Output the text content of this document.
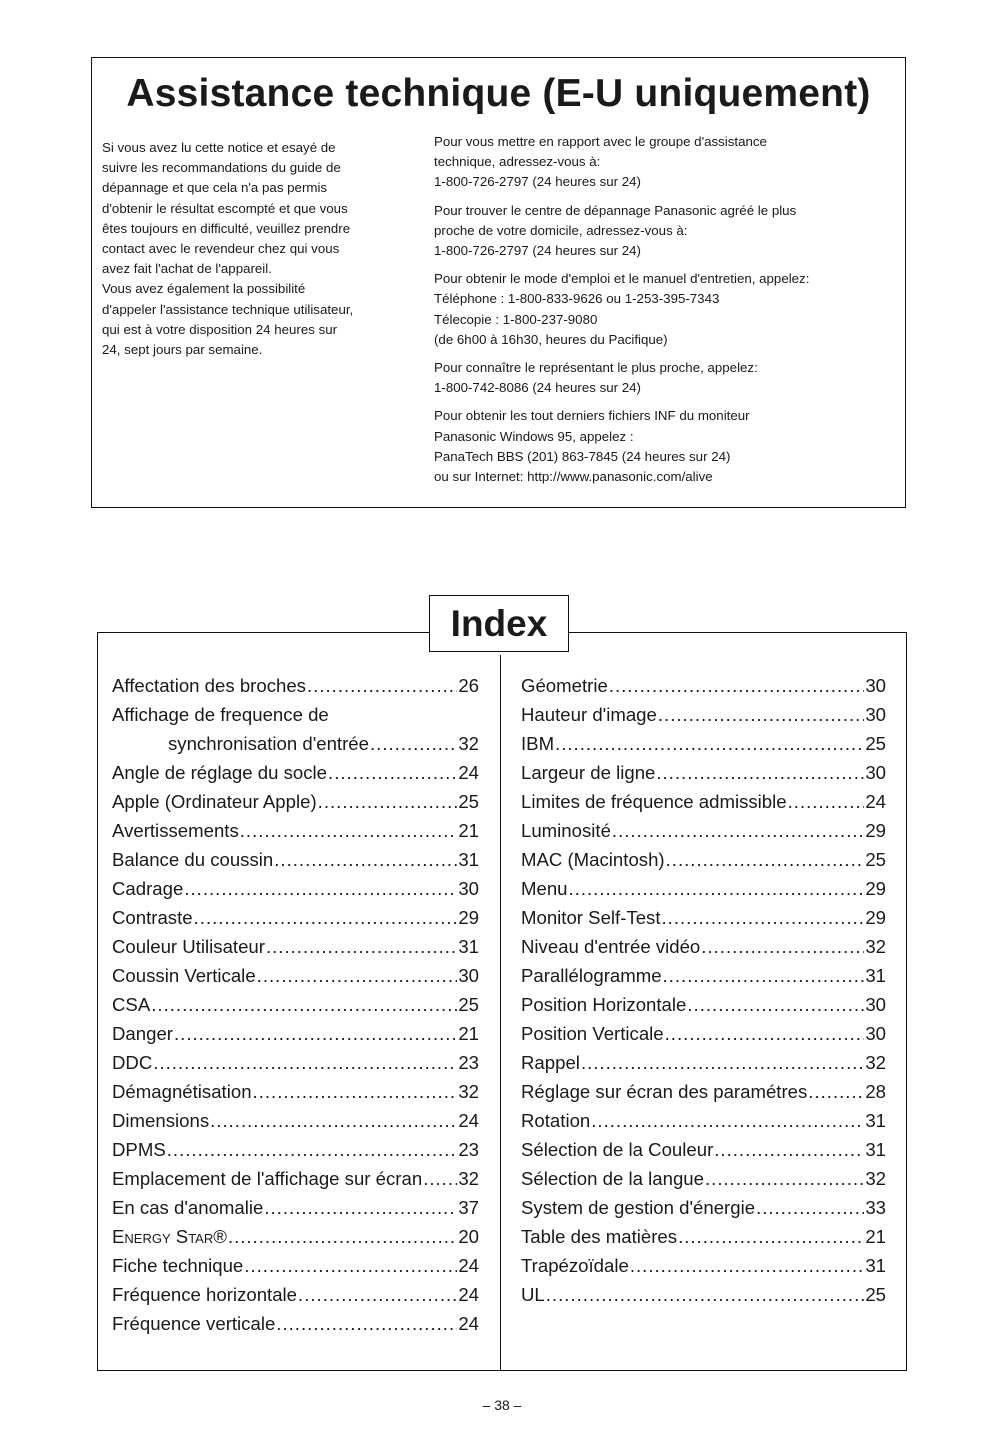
Assistance technique (E-U uniquement)
Si vous avez lu cette notice et esayé de
suivre les recommandations du guide de
dépannage et que cela n'a pas permis
d'obtenir le résultat escompté et que vous
êtes toujours en difficulté, veuillez prendre
contact avec le revendeur chez qui vous
avez fait l'achat de l'appareil.
Vous avez également la possibilité
d'appeler l'assistance technique utilisateur,
qui est à votre disposition 24 heures sur
24, sept jours par semaine.

Pour vous mettre en rapport avec le groupe d'assistance
technique, adressez-vous à:
1-800-726-2797 (24 heures sur 24)

Pour trouver le centre de dépannage Panasonic agréé le plus
proche de votre domicile, adressez-vous à:
1-800-726-2797 (24 heures sur 24)

Pour obtenir le mode d'emploi et le manuel d'entretien, appelez:
Téléphone : 1-800-833-9626 ou 1-253-395-7343
Télecopie : 1-800-237-9080
(de 6h00 à 16h30, heures du Pacifique)

Pour connaître le représentant le plus proche, appelez:
1-800-742-8086 (24 heures sur 24)

Pour obtenir les tout derniers fichiers INF du moniteur
Panasonic Windows 95, appelez :
PanaTech BBS (201) 863-7845 (24 heures sur 24)
ou sur Internet: http://www.panasonic.com/alive

Index
Affectation des broches .....	26
Affichage de frequence de
synchronisation d'entrée .....	32
Angle de réglage du socle .....	24
Apple (Ordinateur Apple) .....	25
Avertissements .....	21
Balance du coussin .....	31
Cadrage .....	30
Contraste .....	29
Couleur Utilisateur .....	31
Coussin Verticale .....	30
CSA .....	25
Danger .....	21
DDC .....	23
Démagnétisation .....	32
Dimensions .....	24
DPMS .....	23
Emplacement de l'affichage sur écran ..... 32
En cas d'anomalie .....	37
Energy Star® .....	20
Fiche technique .....	24
Fréquence horizontale .....	24
Fréquence verticale .....	24
Géometrie .....	30
Hauteur d'image .....	30
IBM .....	25
Largeur de ligne .....	30
Limites de fréquence admissible .....	24
Luminosité .....	29
MAC (Macintosh) .....	25
Menu .....	29
Monitor Self-Test .....	29
Niveau d'entrée vidéo .....	32
Parallélogramme .....	31
Position Horizontale .....	30
Position Verticale .....	30
Rappel .....	32
Réglage sur écran des paramétres .....	28
Rotation .....	31
Sélection de la Couleur .....	31
Sélection de la langue .....	32
System de gestion d'énergie .....	33
Table des matières .....	21
Trapézoïdale .....	31
UL .....	25
– 38 –
